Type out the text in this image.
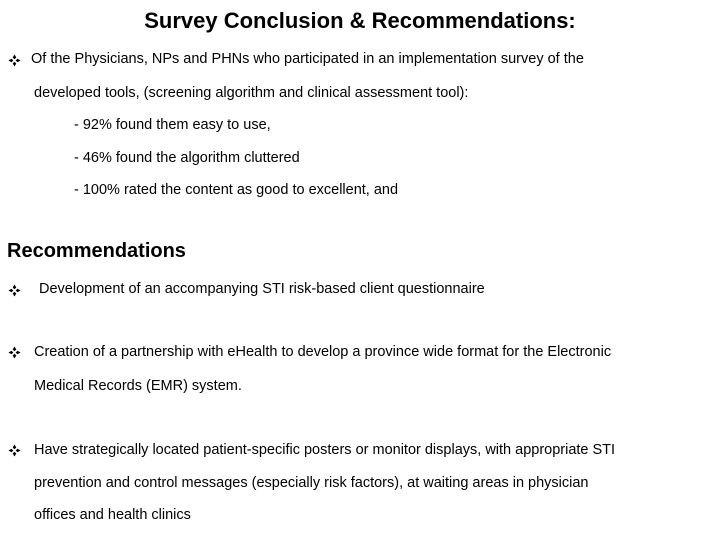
Survey Conclusion & Recommendations:
Of the Physicians, NPs and PHNs who participated in an implementation survey of the
developed tools, (screening algorithm and clinical assessment tool):
- 92% found them easy to use,
- 46% found the algorithm cluttered
- 100% rated the content as good to excellent, and
Recommendations
Development of an accompanying STI risk-based client questionnaire
Creation of a partnership with eHealth to develop a province wide format for the Electronic
Medical Records (EMR) system.
Have strategically located patient-specific posters or monitor displays, with appropriate STI
prevention and control messages (especially risk factors), at waiting areas in physician
offices and health clinics
